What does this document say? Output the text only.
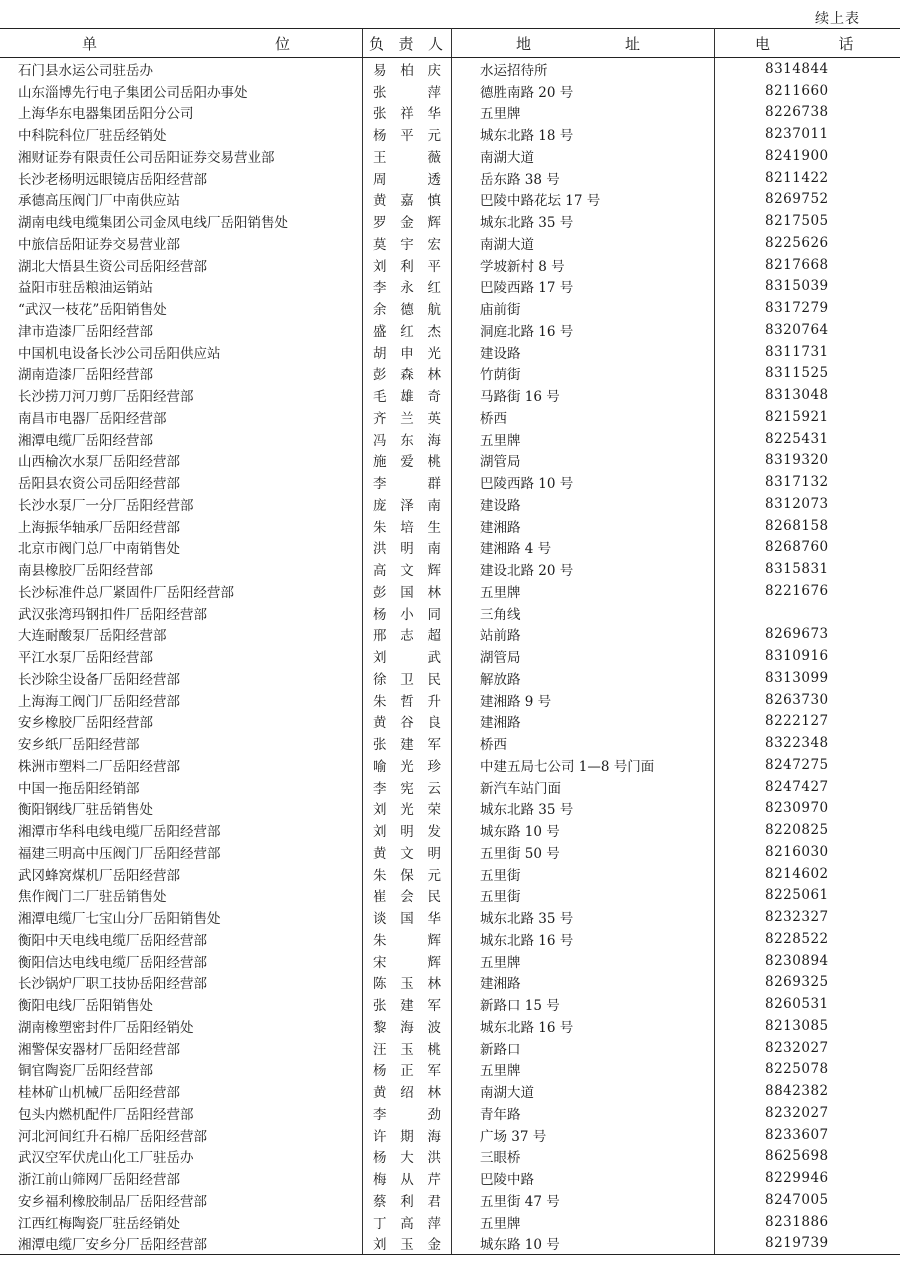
续上表
单 位	负 责 人	地 址	电 话

石门县水运公司驻岳办	易 柏 庆	水运招待所	8314844
山东淄博先行电子集团公司岳阳办事处	张 萍	德胜南路 20 号	8211660
上海华东电器集团岳阳分公司	张 祥 华	五里牌	8226738
中科院科位厂驻岳经销处	杨 平 元	城东北路 18 号	8237011
湘财证券有限责任公司岳阳证券交易营业部	王 薇	南湖大道	8241900
长沙老杨明远眼镜店岳阳经营部	周 透	岳东路 38 号	8211422
承德高压阀门厂中南供应站	黄 嘉 慎	巴陵中路花坛 17 号	8269752
湖南电线电缆集团公司金凤电线厂岳阳销售处	罗 金 辉	城东北路 35 号	8217505
中旅信岳阳证券交易营业部	莫 宇 宏	南湖大道	8225626
湖北大悟县生资公司岳阳经营部	刘 利 平	学坡新村 8 号	8217668
益阳市驻岳粮油运销站	李 永 红	巴陵西路 17 号	8315039
“武汉一枝花”岳阳销售处	余 德 航	庙前街	8317279
津市造漆厂岳阳经营部	盛 红 杰	洞庭北路 16 号	8320764
中国机电设备长沙公司岳阳供应站	胡 申 光	建设路	8311731
湖南造漆厂岳阳经营部	彭 森 林	竹荫街	8311525
长沙捞刀河刀剪厂岳阳经营部	毛 雄 奇	马路街 16 号	8313048
南昌市电器厂岳阳经营部	齐 兰 英	桥西	8215921
湘潭电缆厂岳阳经营部	冯 东 海	五里牌	8225431
山西榆次水泵厂岳阳经营部	施 爱 桃	湖管局	8319320
岳阳县农资公司岳阳经营部	李 群	巴陵西路 10 号	8317132
长沙水泵厂一分厂岳阳经营部	庞 泽 南	建设路	8312073
上海振华轴承厂岳阳经营部	朱 培 生	建湘路	8268158
北京市阀门总厂中南销售处	洪 明 南	建湘路 4 号	8268760
南县橡胶厂岳阳经营部	高 文 辉	建设北路 20 号	8315831
长沙标准件总厂紧固件厂岳阳经营部	彭 国 林	五里牌	8221676
武汉张湾玛钢扣件厂岳阳经营部	杨 小 同	三角线	
大连耐酸泵厂岳阳经营部	邢 志 超	站前路	8269673
平江水泵厂岳阳经营部	刘 武	湖管局	8310916
长沙除尘设备厂岳阳经营部	徐 卫 民	解放路	8313099
上海海工阀门厂岳阳经营部	朱 哲 升	建湘路 9 号	8263730
安乡橡胶厂岳阳经营部	黄 谷 良	建湘路	8222127
安乡纸厂岳阳经营部	张 建 军	桥西	8322348
株洲市塑料二厂岳阳经营部	喻 光 珍	中建五局七公司 1—8 号门面	8247275
中国一拖岳阳经销部	李 宪 云	新汽车站门面	8247427
衡阳钢线厂驻岳销售处	刘 光 荣	城东北路 35 号	8230970
湘潭市华科电线电缆厂岳阳经营部	刘 明 发	城东路 10 号	8220825
福建三明高中压阀门厂岳阳经营部	黄 文 明	五里街 50 号	8216030
武冈蜂窝煤机厂岳阳经营部	朱 保 元	五里街	8214602
焦作阀门二厂驻岳销售处	崔 会 民	五里街	8225061
湘潭电缆厂七宝山分厂岳阳销售处	谈 国 华	城东北路 35 号	8232327
衡阳中天电线电缆厂岳阳经营部	朱 辉	城东北路 16 号	8228522
衡阳信达电线电缆厂岳阳经营部	宋 辉	五里牌	8230894
长沙锅炉厂职工技协岳阳经营部	陈 玉 林	建湘路	8269325
衡阳电线厂岳阳销售处	张 建 军	新路口 15 号	8260531
湖南橡塑密封件厂岳阳经销处	黎 海 波	城东北路 16 号	8213085
湘警保安器材厂岳阳经营部	汪 玉 桃	新路口	8232027
铜官陶瓷厂岳阳经营部	杨 正 军	五里牌	8225078
桂林矿山机械厂岳阳经营部	黄 绍 林	南湖大道	8842382
包头内燃机配件厂岳阳经营部	李 劲	青年路	8232027
河北河间红升石棉厂岳阳经营部	许 期 海	广场 37 号	8233607
武汉空军伏虎山化工厂驻岳办	杨 大 洪	三眼桥	8625698
浙江前山筛网厂岳阳经营部	梅 从 芹	巴陵中路	8229946
安乡福利橡胶制品厂岳阳经营部	蔡 利 君	五里街 47 号	8247005
江西红梅陶瓷厂驻岳经销处	丁 高 萍	五里牌	8231886
湘潭电缆厂安乡分厂岳阳经营部	刘 玉 金	城东路 10 号	8219739
